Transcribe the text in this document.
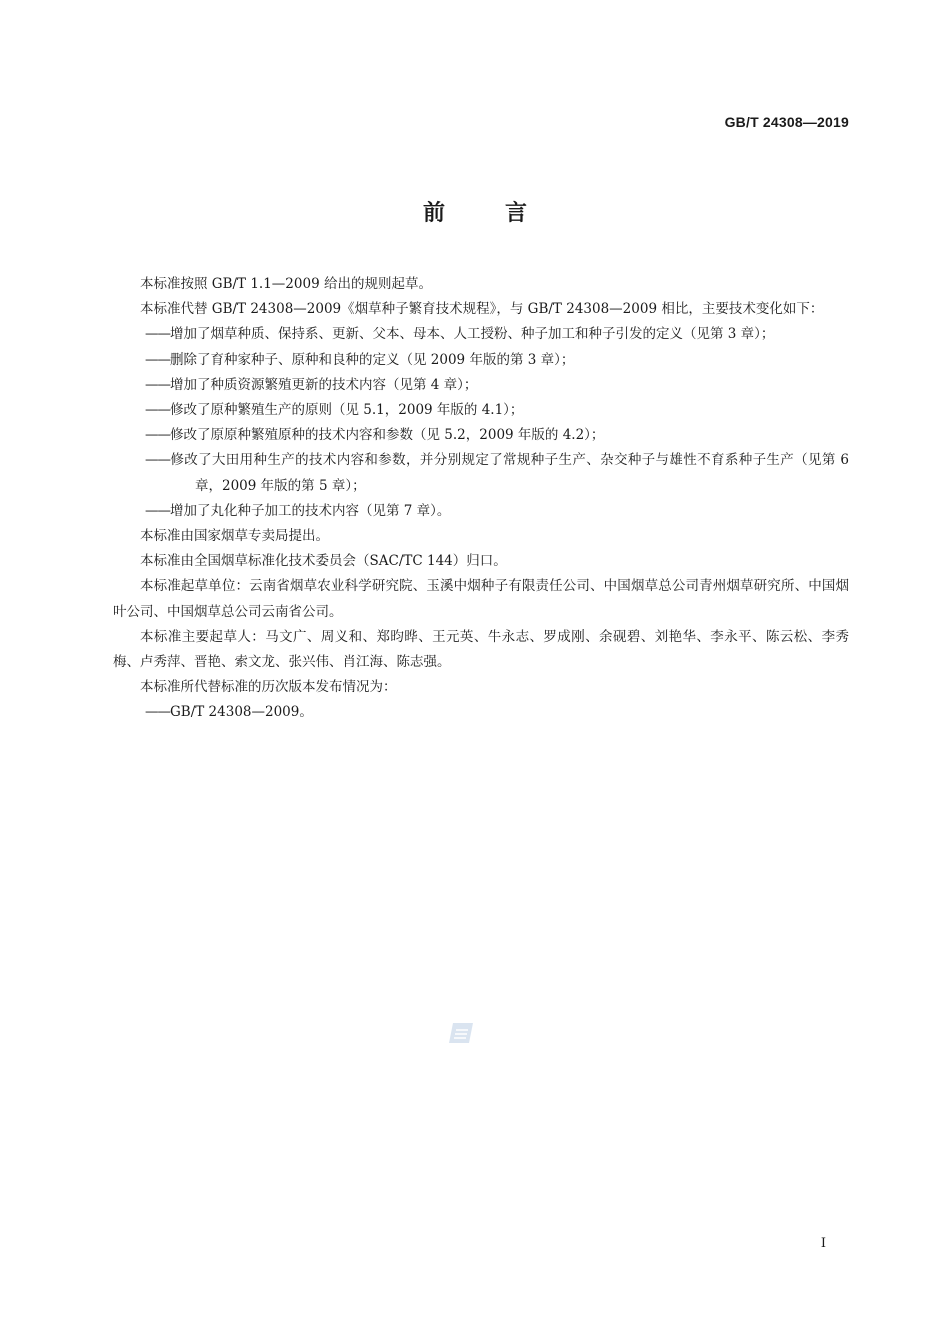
GB/T 24308—2019
前言

本标准按照 GB/T 1.1—2009 给出的规则起草。

本标准代替 GB/T 24308—2009《烟草种子繁育技术规程》，与 GB/T 24308—2009 相比，主要技术变化如下：

——增加了烟草种质、保持系、更新、父本、母本、人工授粉、种子加工和种子引发的定义（见第 3 章）；

——删除了育种家种子、原种和良种的定义（见 2009 年版的第 3 章）；

——增加了种质资源繁殖更新的技术内容（见第 4 章）；

——修改了原种繁殖生产的原则（见 5.1，2009 年版的 4.1）；

——修改了原原种繁殖原种的技术内容和参数（见 5.2，2009 年版的 4.2）；

——修改了大田用种生产的技术内容和参数，并分别规定了常规种子生产、杂交种子与雄性不育系种子生产（见第 6 章，2009 年版的第 5 章）；

——增加了丸化种子加工的技术内容（见第 7 章）。

本标准由国家烟草专卖局提出。

本标准由全国烟草标准化技术委员会（SAC/TC 144）归口。

本标准起草单位：云南省烟草农业科学研究院、玉溪中烟种子有限责任公司、中国烟草总公司青州烟草研究所、中国烟叶公司、中国烟草总公司云南省公司。

本标准主要起草人：马文广、周义和、郑昀晔、王元英、牛永志、罗成刚、余砚碧、刘艳华、李永平、陈云松、李秀梅、卢秀萍、晋艳、索文龙、张兴伟、肖江海、陈志强。

本标准所代替标准的历次版本发布情况为：

——GB/T 24308—2009。

I
